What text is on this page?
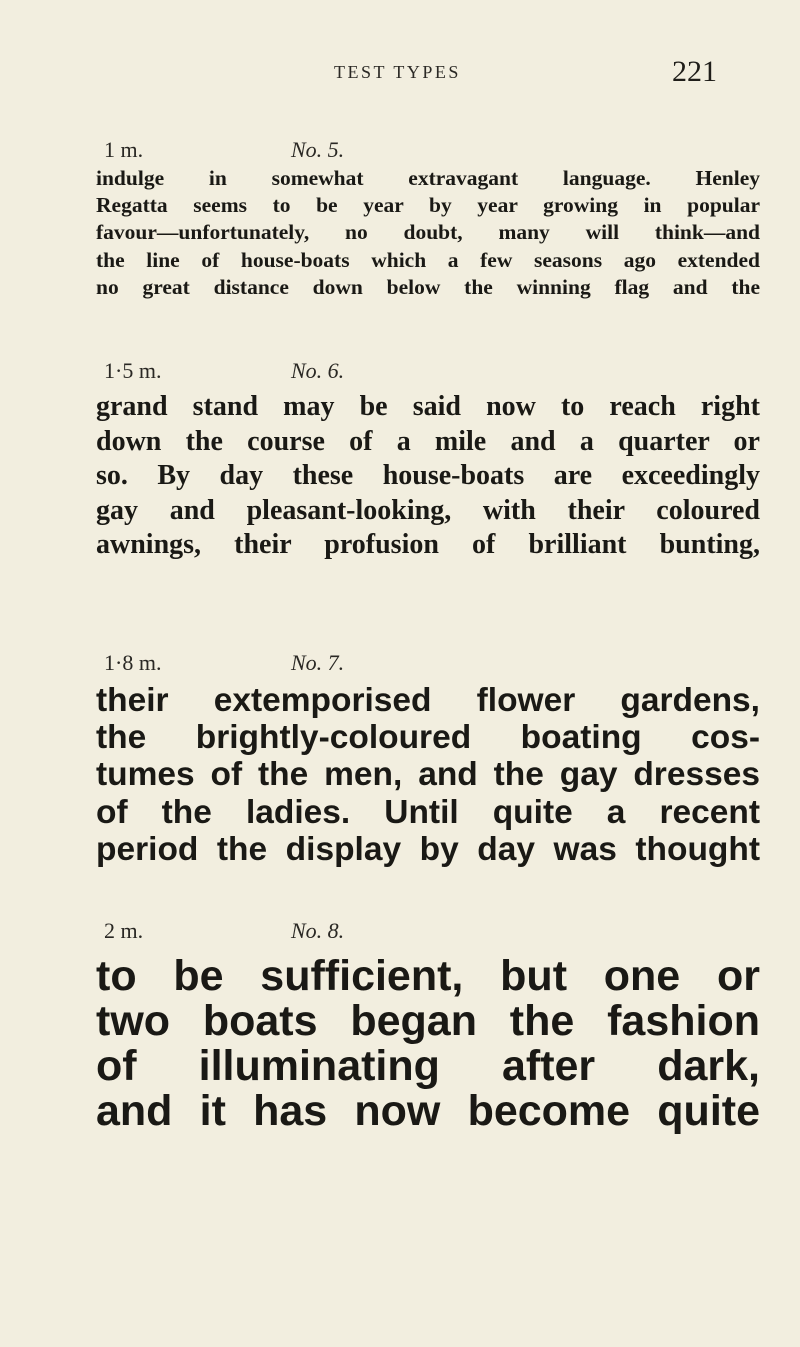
TEST TYPES	221
1 m.	No. 5.

indulge in somewhat extravagant language. Henley
Regatta seems to be year by year growing in popular
favour—unfortunately, no doubt, many will think—and
the line of house-boats which a few seasons ago extended
no great distance down below the winning flag and the

1·5 m.	No. 6.

grand stand may be said now to reach right
down the course of a mile and a quarter or
so. By day these house-boats are exceedingly
gay and pleasant-looking, with their coloured
awnings, their profusion of brilliant bunting,

1·8 m.	No. 7.

their extemporised flower gardens,
the brightly-coloured boating cos-
tumes of the men, and the gay dresses
of the ladies. Until quite a recent
period the display by day was thought

2 m.	No. 8.

to be sufficient, but one or
two boats began the fashion
of illuminating after dark,
and it has now become quite
